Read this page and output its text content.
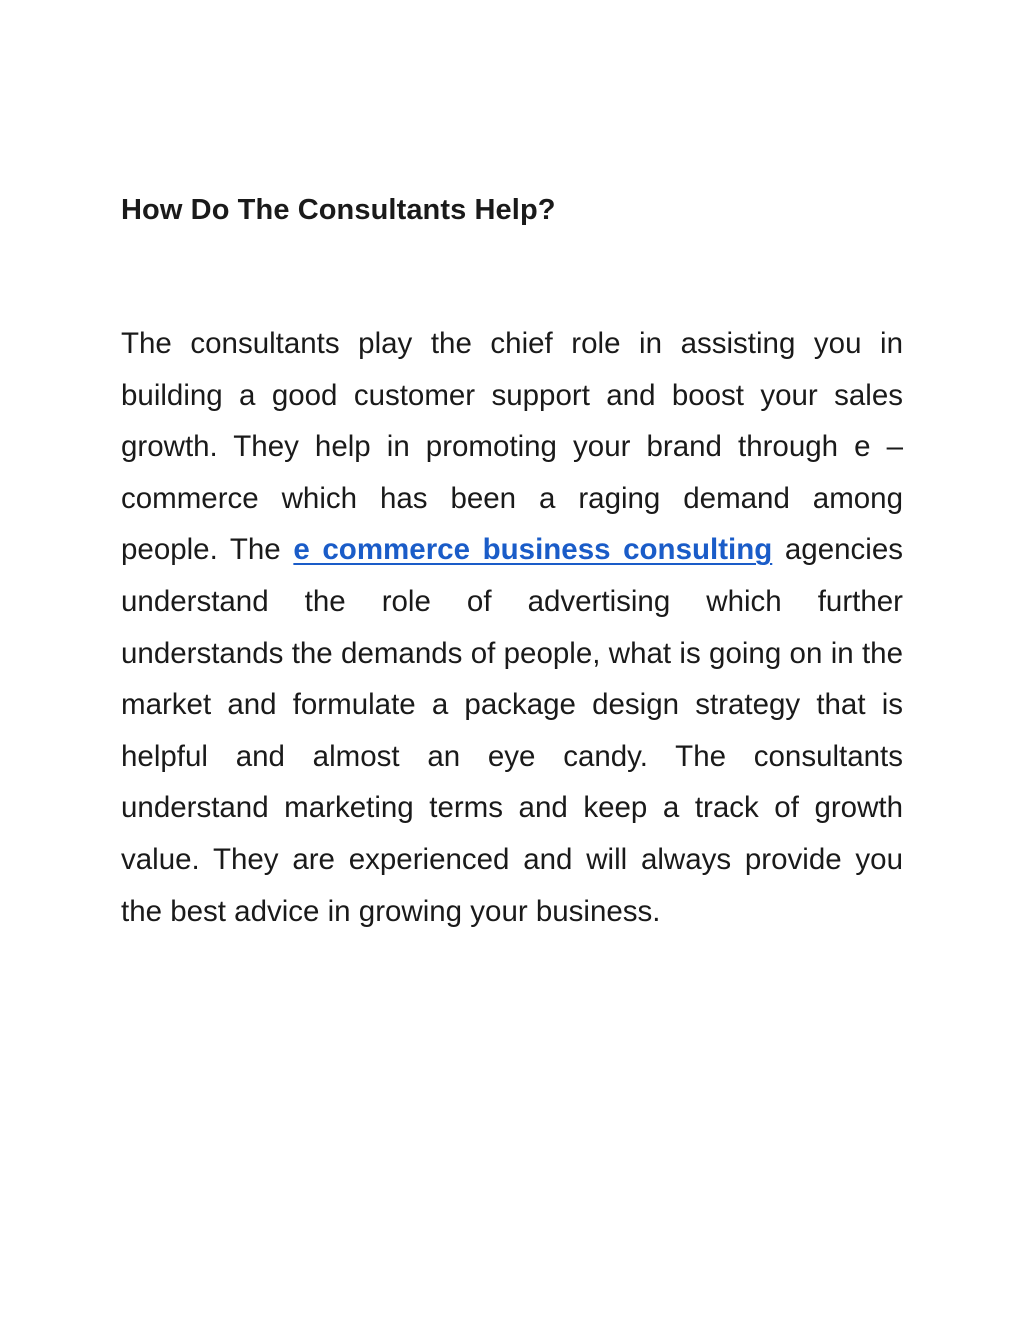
How Do The Consultants Help?

The consultants play the chief role in assisting you in building a good customer support and boost your sales growth. They help in promoting your brand through e – commerce which has been a raging demand among people. The e commerce business consulting agencies understand the role of advertising which further understands the demands of people, what is going on in the market and formulate a package design strategy that is helpful and almost an eye candy. The consultants understand marketing terms and keep a track of growth value. They are experienced and will always provide you the best advice in growing your business.
